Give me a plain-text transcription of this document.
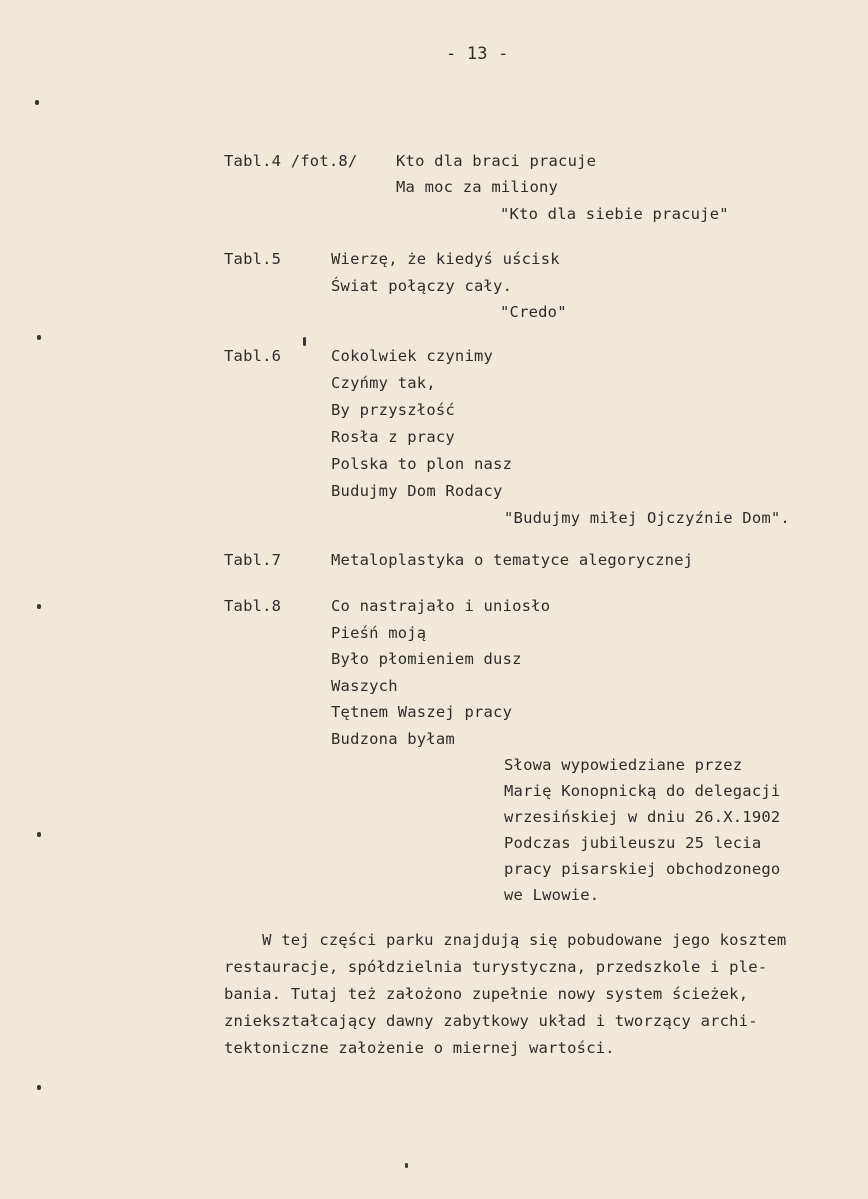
- 13 -
Tabl.4 /fot.8/ Kto dla braci pracuje
Ma moc za miliony
"Kto dla siebie pracuje"
Tabl.5	Wierzę, że kiedyś uścisk
Świat połączy cały.
"Credo"
Tabl.6	Cokolwiek czynimy
Czyńmy tak,
By przyszłość
Rosła z pracy
Polska to plon nasz
Budujmy Dom Rodacy
"Budujmy miłej Ojczyźnie Dom".
Tabl.7	Metaloplastyka o tematyce alegorycznej
Tabl.8	Co nastrajało i uniosło
Pieśń moją
Było płomieniem dusz
Waszych
Tętnem Waszej pracy
Budzona byłam
Słowa wypowiedziane przez
Marię Konopnicką do delegacji
wrzesińskiej w dniu 26.X.1902
Podczas jubileuszu 25 lecia
pracy pisarskiej obchodzonego
we Lwowie.
W tej części parku znajdują się pobudowane jego kosztem
restauracje, spółdzielnia turystyczna, przedszkole i ple-
bania. Tutaj też założono zupełnie nowy system ścieżek,
zniekształcający dawny zabytkowy układ i tworzący archi-
tektoniczne założenie o miernej wartości.
